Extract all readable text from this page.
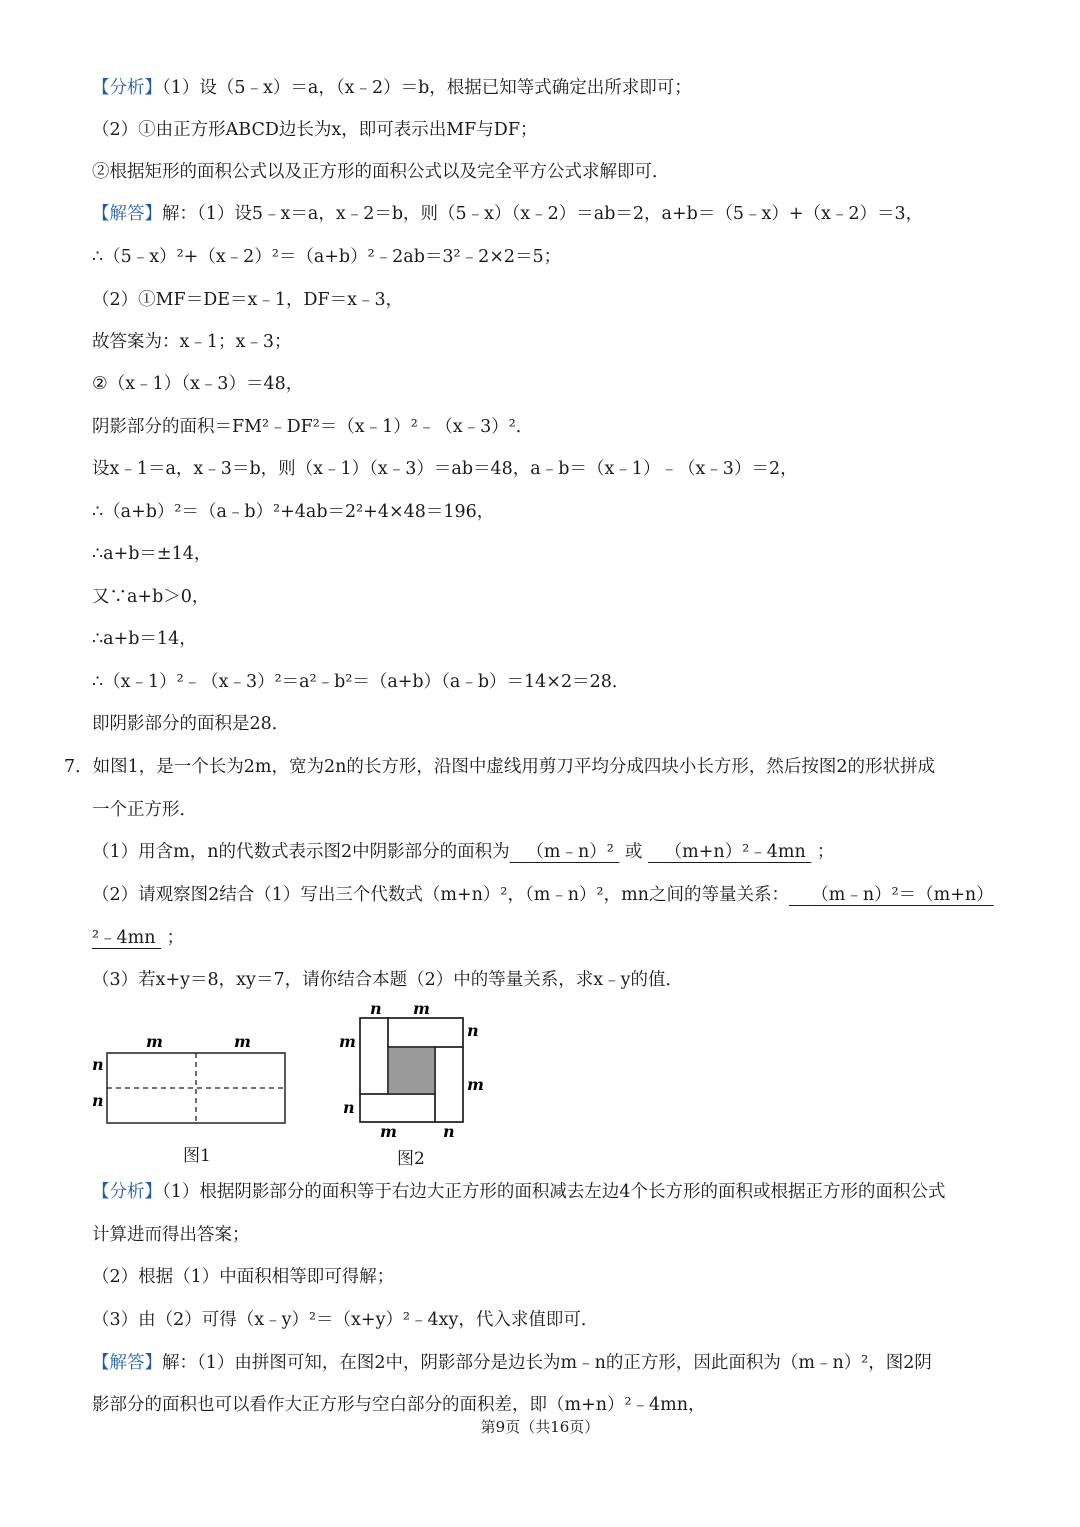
【分析】（1）设（5﹣x）＝a，（x﹣2）＝b，根据已知等式确定出所求即可；
（2）①由正方形ABCD边长为x，即可表示出MF与DF；
②根据矩形的面积公式以及正方形的面积公式以及完全平方公式求解即可．
【解答】解：（1）设5﹣x＝a，x﹣2＝b，则（5﹣x）（x﹣2）＝ab＝2，a+b＝（5﹣x）+（x﹣2）＝3，
∴（5﹣x）²+（x﹣2）²＝（a+b）²﹣2ab＝3²﹣2×2＝5；
（2）①MF＝DE＝x﹣1，DF＝x﹣3，
故答案为：x﹣1；x﹣3；
②（x﹣1）（x﹣3）＝48，
阴影部分的面积＝FM²﹣DF²＝（x﹣1）²﹣（x﹣3）²．
设x﹣1＝a，x﹣3＝b，则（x﹣1）（x﹣3）＝ab＝48，a﹣b＝（x﹣1）﹣（x﹣3）＝2，
∴（a+b）²＝（a﹣b）²+4ab＝2²+4×48＝196，
∴a+b＝±14，
又∵a+b＞0，
∴a+b＝14，
∴（x﹣1）²﹣（x﹣3）²＝a²﹣b²＝（a+b）（a﹣b）＝14×2＝28．
即阴影部分的面积是28．
7．如图1，是一个长为2m，宽为2n的长方形，沿图中虚线用剪刀平均分成四块小长方形，然后按图2的形状拼成
一个正方形．
（1）用含m，n的代数式表示图2中阴影部分的面积为 （m﹣n）² 或 （m+n）²﹣4mn ；
（2）请观察图2结合（1）写出三个代数式（m+n）²，（m﹣n）²，mn之间的等量关系： （m﹣n）²＝（m+n）
²﹣4mn ；
（3）若x+y＝8，xy＝7，请你结合本题（2）中的等量关系，求x﹣y的值．
m	m
n
n
图1
n m
n
m
m
n
m	n
图2
【分析】（1）根据阴影部分的面积等于右边大正方形的面积减去左边4个长方形的面积或根据正方形的面积公式
计算进而得出答案；
（2）根据（1）中面积相等即可得解；
（3）由（2）可得（x﹣y）²＝（x+y）²﹣4xy，代入求值即可．
【解答】解：（1）由拼图可知，在图2中，阴影部分是边长为m﹣n的正方形，因此面积为（m﹣n）²，图2阴
影部分的面积也可以看作大正方形与空白部分的面积差，即（m+n）²﹣4mn，
第9页（共16页）
